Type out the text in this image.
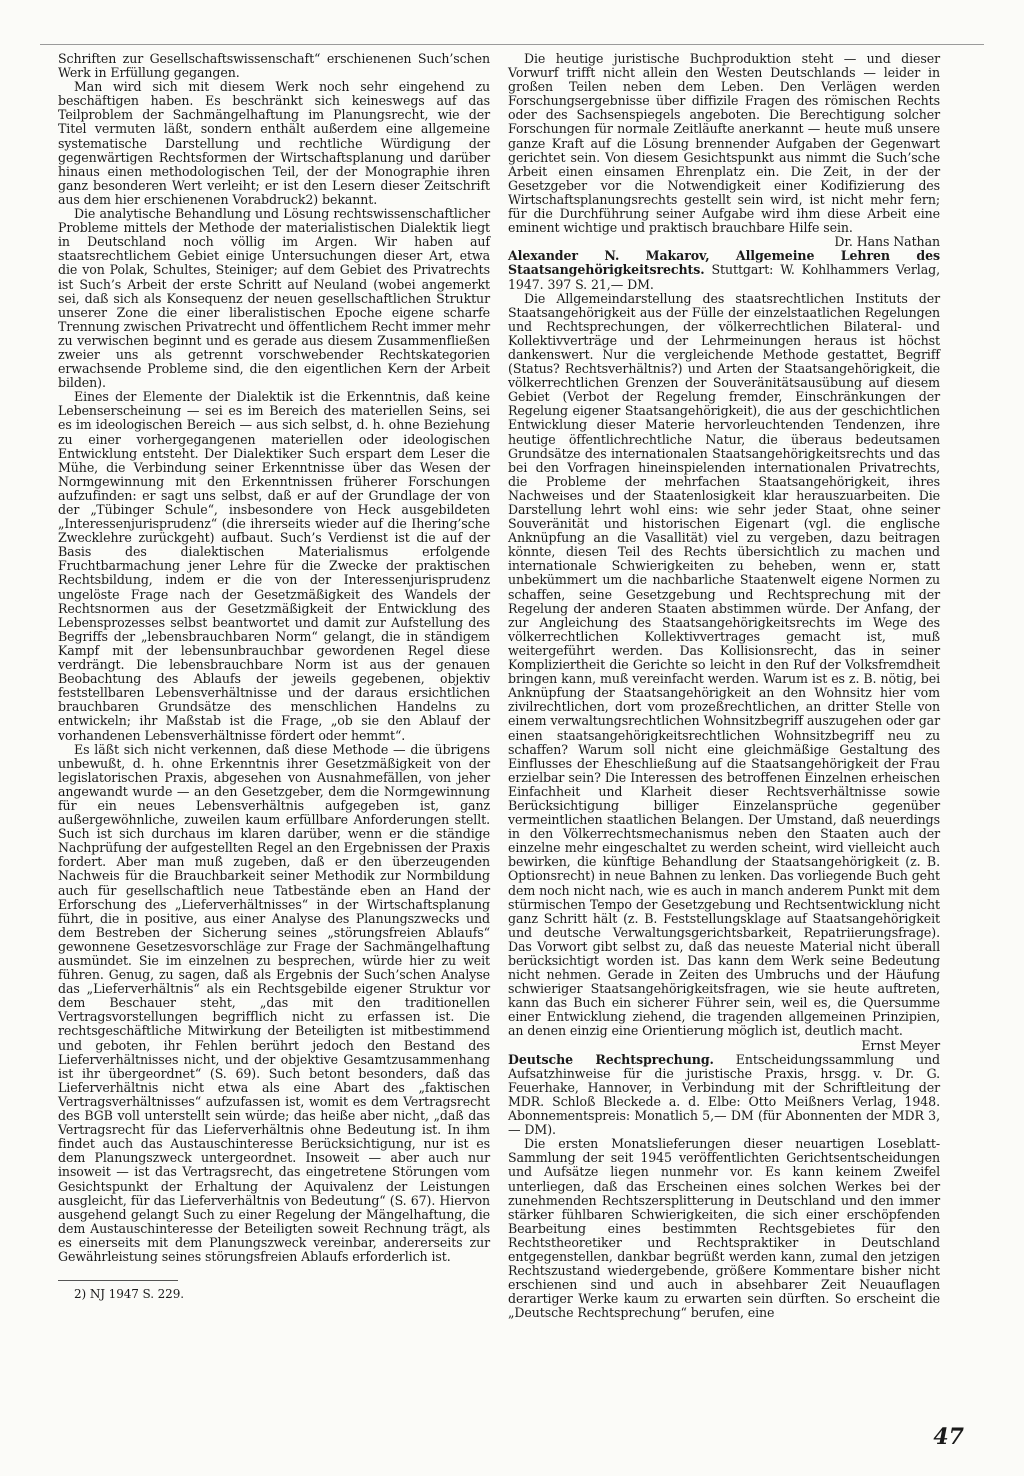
Schriften zur Gesellschaftswissenschaft“ erschienenen Such’schen Werk in Erfüllung gegangen.

Man wird sich mit diesem Werk noch sehr eingehend zu beschäftigen haben. Es beschränkt sich keineswegs auf das Teilproblem der Sachmängelhaftung im Planungsrecht, wie der Titel vermuten läßt, sondern enthält außerdem eine allgemeine systematische Darstellung und rechtliche Würdigung der gegenwärtigen Rechtsformen der Wirtschaftsplanung und darüber hinaus einen methodologischen Teil, der der Monographie ihren ganz besonderen Wert verleiht; er ist den Lesern dieser Zeitschrift aus dem hier erschienenen Vorabdruck2) bekannt.

Die analytische Behandlung und Lösung rechtswissenschaftlicher Probleme mittels der Methode der materialistischen Dialektik liegt in Deutschland noch völlig im Argen. Wir haben auf staatsrechtlichem Gebiet einige Untersuchungen dieser Art, etwa die von Polak, Schultes, Steiniger; auf dem Gebiet des Privatrechts ist Such’s Arbeit der erste Schritt auf Neuland (wobei angemerkt sei, daß sich als Konsequenz der neuen gesellschaftlichen Struktur unserer Zone die einer liberalistischen Epoche eigene scharfe Trennung zwischen Privatrecht und öffentlichem Recht immer mehr zu verwischen beginnt und es gerade aus diesem Zusammenfließen zweier uns als getrennt vorschwebender Rechtskategorien erwachsende Probleme sind, die den eigentlichen Kern der Arbeit bilden).

Eines der Elemente der Dialektik ist die Erkenntnis, daß keine Lebenserscheinung — sei es im Bereich des materiellen Seins, sei es im ideologischen Bereich — aus sich selbst, d. h. ohne Beziehung zu einer vorhergegangenen materiellen oder ideologischen Entwicklung entsteht. Der Dialektiker Such erspart dem Leser die Mühe, die Verbindung seiner Erkenntnisse über das Wesen der Normgewinnung mit den Erkenntnissen früherer Forschungen aufzufinden: er sagt uns selbst, daß er auf der Grundlage der von der „Tübinger Schule“, insbesondere von Heck ausgebildeten „Interessenjurisprudenz“ (die ihrerseits wieder auf die Ihering’sche Zwecklehre zurückgeht) aufbaut. Such’s Verdienst ist die auf der Basis des dialektischen Materialismus erfolgende Fruchtbarmachung jener Lehre für die Zwecke der praktischen Rechtsbildung, indem er die von der Interessenjurisprudenz ungelöste Frage nach der Gesetzmäßigkeit des Wandels der Rechtsnormen aus der Gesetzmäßigkeit der Entwicklung des Lebensprozesses selbst beantwortet und damit zur Aufstellung des Begriffs der „lebensbrauchbaren Norm“ gelangt, die in ständigem Kampf mit der lebensunbrauchbar gewordenen Regel diese verdrängt. Die lebensbrauchbare Norm ist aus der genauen Beobachtung des Ablaufs der jeweils gegebenen, objektiv feststellbaren Lebensverhältnisse und der daraus ersichtlichen brauchbaren Grundsätze des menschlichen Handelns zu entwickeln; ihr Maßstab ist die Frage, „ob sie den Ablauf der vorhandenen Lebensverhältnisse fördert oder hemmt“.

Es läßt sich nicht verkennen, daß diese Methode — die übrigens unbewußt, d. h. ohne Erkenntnis ihrer Gesetzmäßigkeit von der legislatorischen Praxis, abgesehen von Ausnahmefällen, von jeher angewandt wurde — an den Gesetzgeber, dem die Normgewinnung für ein neues Lebensverhältnis aufgegeben ist, ganz außergewöhnliche, zuweilen kaum erfüllbare Anforderungen stellt. Such ist sich durchaus im klaren darüber, wenn er die ständige Nachprüfung der aufgestellten Regel an den Ergebnissen der Praxis fordert. Aber man muß zugeben, daß er den überzeugenden Nachweis für die Brauchbarkeit seiner Methodik zur Normbildung auch für gesellschaftlich neue Tatbestände eben an Hand der Erforschung des „Lieferverhältnisses“ in der Wirtschaftsplanung führt, die in positive, aus einer Analyse des Planungszwecks und dem Bestreben der Sicherung seines „störungsfreien Ablaufs“ gewonnene Gesetzesvorschläge zur Frage der Sachmängelhaftung ausmündet. Sie im einzelnen zu besprechen, würde hier zu weit führen. Genug, zu sagen, daß als Ergebnis der Such’schen Analyse das „Lieferverhältnis“ als ein Rechtsgebilde eigener Struktur vor dem Beschauer steht, „das mit den traditionellen Vertragsvorstellungen begrifflich nicht zu erfassen ist. Die rechtsgeschäftliche Mitwirkung der Beteiligten ist mitbestimmend und geboten, ihr Fehlen berührt jedoch den Bestand des Lieferverhältnisses nicht, und der objektive Gesamtzusammenhang ist ihr übergeordnet“ (S. 69). Such betont besonders, daß das Lieferverhältnis nicht etwa als eine Abart des „faktischen Vertragsverhältnisses“ aufzufassen ist, womit es dem Vertragsrecht des BGB voll unterstellt sein würde; das heiße aber nicht, „daß das Vertragsrecht für das Lieferverhältnis ohne Bedeutung ist. In ihm findet auch das Austauschinteresse Berücksichtigung, nur ist es dem Planungszweck untergeordnet. Insoweit — aber auch nur insoweit — ist das Vertragsrecht, das eingetretene Störungen vom Gesichtspunkt der Erhaltung der Aquivalenz der Leistungen ausgleicht, für das Lieferverhältnis von Bedeutung“ (S. 67). Hiervon ausgehend gelangt Such zu einer Regelung der Mängelhaftung, die dem Austauschinteresse der Beteiligten soweit Rechnung trägt, als es einerseits mit dem Planungszweck vereinbar, andererseits zur Gewährleistung seines störungsfreien Ablaufs erforderlich ist.

2) NJ 1947 S. 229.

Die heutige juristische Buchproduktion steht — und dieser Vorwurf trifft nicht allein den Westen Deutschlands — leider in großen Teilen neben dem Leben. Den Verlägen werden Forschungsergebnisse über diffizile Fragen des römischen Rechts oder des Sachsenspiegels angeboten. Die Berechtigung solcher Forschungen für normale Zeitläufte anerkannt — heute muß unsere ganze Kraft auf die Lösung brennender Aufgaben der Gegenwart gerichtet sein. Von diesem Gesichtspunkt aus nimmt die Such’sche Arbeit einen einsamen Ehrenplatz ein. Die Zeit, in der der Gesetzgeber vor die Notwendigkeit einer Kodifizierung des Wirtschaftsplanungsrechts gestellt sein wird, ist nicht mehr fern; für die Durchführung seiner Aufgabe wird ihm diese Arbeit eine eminent wichtige und praktisch brauchbare Hilfe sein.

Dr. Hans Nathan

Alexander N. Makarov, Allgemeine Lehren des Staatsangehörigkeitsrechts. Stuttgart: W. Kohlhammers Verlag, 1947. 397 S. 21,— DM.

Die Allgemeindarstellung des staatsrechtlichen Instituts der Staatsangehörigkeit aus der Fülle der einzelstaatlichen Regelungen und Rechtsprechungen, der völkerrechtlichen Bilateral- und Kollektivverträge und der Lehrmeinungen heraus ist höchst dankenswert. Nur die vergleichende Methode gestattet, Begriff (Status? Rechtsverhältnis?) und Arten der Staatsangehörigkeit, die völkerrechtlichen Grenzen der Souveränitätsausübung auf diesem Gebiet (Verbot der Regelung fremder, Einschränkungen der Regelung eigener Staatsangehörigkeit), die aus der geschichtlichen Entwicklung dieser Materie hervorleuchtenden Tendenzen, ihre heutige öffentlichrechtliche Natur, die überaus bedeutsamen Grundsätze des internationalen Staatsangehörigkeitsrechts und das bei den Vorfragen hineinspielenden internationalen Privatrechts, die Probleme der mehrfachen Staatsangehörigkeit, ihres Nachweises und der Staatenlosigkeit klar herauszuarbeiten. Die Darstellung lehrt wohl eins: wie sehr jeder Staat, ohne seiner Souveränität und historischen Eigenart (vgl. die englische Anknüpfung an die Vasallität) viel zu vergeben, dazu beitragen könnte, diesen Teil des Rechts übersichtlich zu machen und internationale Schwierigkeiten zu beheben, wenn er, statt unbekümmert um die nachbarliche Staatenwelt eigene Normen zu schaffen, seine Gesetzgebung und Rechtsprechung mit der Regelung der anderen Staaten abstimmen würde. Der Anfang, der zur Angleichung des Staatsangehörigkeitsrechts im Wege des völkerrechtlichen Kollektivvertrages gemacht ist, muß weitergeführt werden. Das Kollisionsrecht, das in seiner Kompliziertheit die Gerichte so leicht in den Ruf der Volksfremdheit bringen kann, muß vereinfacht werden. Warum ist es z. B. nötig, bei Anknüpfung der Staatsangehörigkeit an den Wohnsitz hier vom zivilrechtlichen, dort vom prozeßrechtlichen, an dritter Stelle von einem verwaltungsrechtlichen Wohnsitzbegriff auszugehen oder gar einen staatsangehörigkeitsrechtlichen Wohnsitzbegriff neu zu schaffen? Warum soll nicht eine gleichmäßige Gestaltung des Einflusses der Eheschließung auf die Staatsangehörigkeit der Frau erzielbar sein? Die Interessen des betroffenen Einzelnen erheischen Einfachheit und Klarheit dieser Rechtsverhältnisse sowie Berücksichtigung billiger Einzelansprüche gegenüber vermeintlichen staatlichen Belangen. Der Umstand, daß neuerdings in den Völkerrechtsmechanismus neben den Staaten auch der einzelne mehr eingeschaltet zu werden scheint, wird vielleicht auch bewirken, die künftige Behandlung der Staatsangehörigkeit (z. B. Optionsrecht) in neue Bahnen zu lenken. Das vorliegende Buch geht dem noch nicht nach, wie es auch in manch anderem Punkt mit dem stürmischen Tempo der Gesetzgebung und Rechtsentwicklung nicht ganz Schritt hält (z. B. Feststellungsklage auf Staatsangehörigkeit und deutsche Verwaltungsgerichtsbarkeit, Repatriierungsfrage). Das Vorwort gibt selbst zu, daß das neueste Material nicht überall berücksichtigt worden ist. Das kann dem Werk seine Bedeutung nicht nehmen. Gerade in Zeiten des Umbruchs und der Häufung schwieriger Staatsangehörigkeitsfragen, wie sie heute auftreten, kann das Buch ein sicherer Führer sein, weil es, die Quersumme einer Entwicklung ziehend, die tragenden allgemeinen Prinzipien, an denen einzig eine Orientierung möglich ist, deutlich macht.

Ernst Meyer

Deutsche Rechtsprechung. Entscheidungssammlung und Aufsatzhinweise für die juristische Praxis, hrsgg. v. Dr. G. Feuerhake, Hannover, in Verbindung mit der Schriftleitung der MDR. Schloß Bleckede a. d. Elbe: Otto Meißners Verlag, 1948. Abonnementspreis: Monatlich 5,— DM (für Abonnenten der MDR 3,— DM).

Die ersten Monatslieferungen dieser neuartigen Loseblatt-Sammlung der seit 1945 veröffentlichten Gerichtsentscheidungen und Aufsätze liegen nunmehr vor. Es kann keinem Zweifel unterliegen, daß das Erscheinen eines solchen Werkes bei der zunehmenden Rechtszersplitterung in Deutschland und den immer stärker fühlbaren Schwierigkeiten, die sich einer erschöpfenden Bearbeitung eines bestimmten Rechtsgebietes für den Rechtstheoretiker und Rechtspraktiker in Deutschland entgegenstellen, dankbar begrüßt werden kann, zumal den jetzigen Rechtszustand wiedergebende, größere Kommentare bisher nicht erschienen sind und auch in absehbarer Zeit Neuauflagen derartiger Werke kaum zu erwarten sein dürften. So erscheint die „Deutsche Rechtsprechung“ berufen, eine

47
